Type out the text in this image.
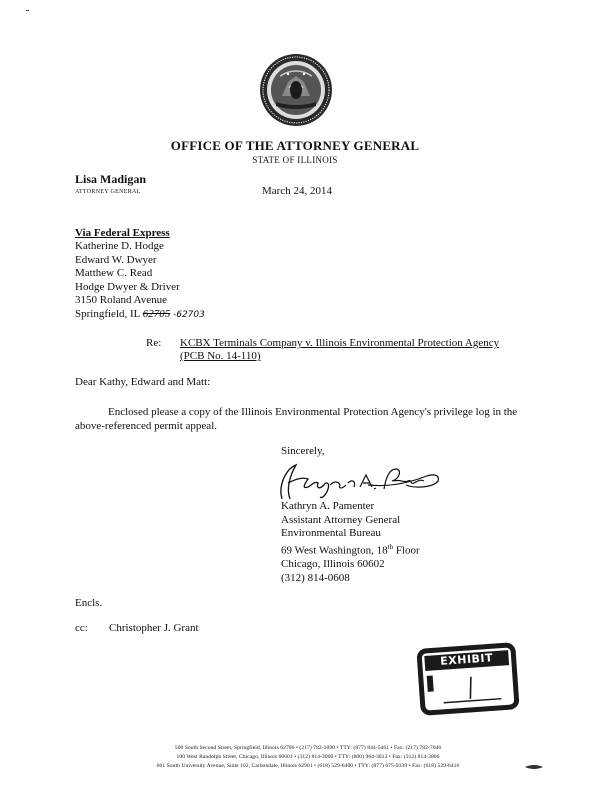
OFFICE OF THE ATTORNEY GENERAL
STATE OF ILLINOIS
Lisa Madigan
ATTORNEY GENERAL	March 24, 2014
Via Federal Express
Katherine D. Hodge
Edward W. Dwyer
Matthew C. Read
Hodge Dwyer & Driver
3150 Roland Avenue
Springfield, IL 62705 -62703
Re: KCBX Terminals Company v. Illinois Environmental Protection Agency
(PCB No. 14-110)
Dear Kathy, Edward and Matt:
Enclosed please a copy of the Illinois Environmental Protection Agency's privilege log in the above-referenced permit appeal.
Sincerely,
Kathryn A. Pamenter
Assistant Attorney General
Environmental Bureau
69 West Washington, 18th Floor
Chicago, Illinois 60602
(312) 814-0608
Encls.
cc: Christopher J. Grant
EXHIBIT
500 South Second Street, Springfield, Illinois 62706 • (217) 782-1090 • TTY: (877) 844-5461 • Fax: (217) 782-7046
100 West Randolph Street, Chicago, Illinois 60601 • (312) 814-3000 • TTY: (800) 964-3013 • Fax: (312) 814-3806
601 South University Avenue, Suite 102, Carbondale, Illinois 62901 • (618) 529-6400 • TTY: (877) 675-9339 • Fax: (618) 529-6416
